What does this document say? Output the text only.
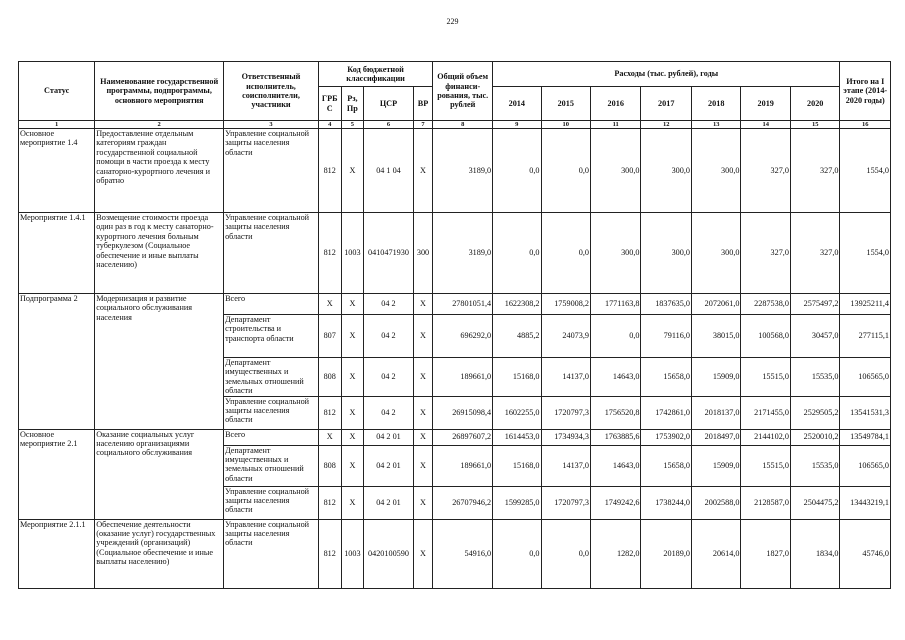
229
Статус	Наименование государственной программы, подпрограммы, основного мероприятия	Ответственный исполнитель, соисполнители, участники	Код бюджетной классификации				Общий объем финанси-рования, тыс. рублей	Расходы (тыс. рублей), годы							Итого на I этапе (2014-2020 годы)
			ГРБ С	Рз, Пр	ЦСР	ВР		2014	2015	2016	2017	2018	2019	2020	
1	2	3	4	5	6	7	8	9	10	11	12	13	14	15	16
Основное мероприятие 1.4	Предоставление отдельным категориям граждан государственной социальной помощи в части проезда к месту санаторно-курортного лечения и обратно	Управление социальной защиты населения области	812	Х	04 1 04	Х	3189,0	0,0	0,0	300,0	300,0	300,0	327,0	327,0	1554,0
Мероприятие 1.4.1	Возмещение стоимости проезда один раз в год к месту санаторно-курортного лечения больным туберкулезом (Социальное обеспечение и иные выплаты населению)	Управление социальной защиты населения области	812	1003	0410471930	300	3189,0	0,0	0,0	300,0	300,0	300,0	327,0	327,0	1554,0
Подпрограмма 2	Модернизация и развитие социального обслуживания населения	Всего	Х	Х	04 2	Х	27801051,4	1622308,2	1759008,2	1771163,8	1837635,0	2072061,0	2287538,0	2575497,2	13925211,4
		Департамент строительства и транспорта области	807	Х	04 2	Х	696292,0	4885,2	24073,9	0,0	79116,0	38015,0	100568,0	30457,0	277115,1
		Департамент имущественных и земельных отношений области	808	Х	04 2	Х	189661,0	15168,0	14137,0	14643,0	15658,0	15909,0	15515,0	15535,0	106565,0
		Управление социальной защиты населения области	812	Х	04 2	Х	26915098,4	1602255,0	1720797,3	1756520,8	1742861,0	2018137,0	2171455,0	2529505,2	13541531,3
Основное мероприятие 2.1	Оказание социальных услуг населению организациями социального обслуживания	Всего	Х	Х	04 2 01	Х	26897607,2	1614453,0	1734934,3	1763885,6	1753902,0	2018497,0	2144102,0	2520010,2	13549784,1
		Департамент имущественных и земельных отношений области	808	Х	04 2 01	Х	189661,0	15168,0	14137,0	14643,0	15658,0	15909,0	15515,0	15535,0	106565,0
		Управление социальной защиты населения области	812	Х	04 2 01	Х	26707946,2	1599285,0	1720797,3	1749242,6	1738244,0	2002588,0	2128587,0	2504475,2	13443219,1
Мероприятие 2.1.1	Обеспечение деятельности (оказание услуг) государственных учреждений (организаций) (Социальное обеспечение и иные выплаты населению)	Управление социальной защиты населения области	812	1003	0420100590	Х	54916,0	0,0	0,0	1282,0	20189,0	20614,0	1827,0	1834,0	45746,0
